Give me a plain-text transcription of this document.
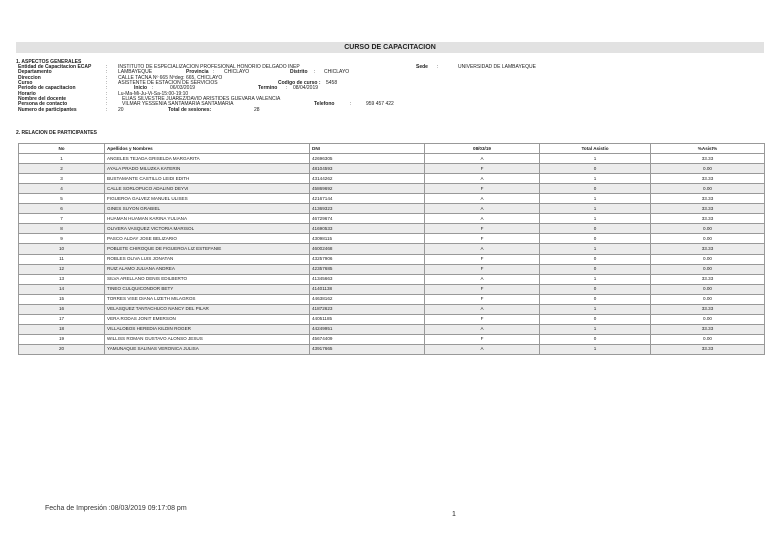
CURSO DE CAPACITACION
1. ASPECTOS GENERALES
Entidad de Capacitacion ECAP	: INSTITUTO DE ESPECIALIZACION PROFESIONAL HONORIO DELGADO INEP	Sede :	UNIVERSIDAD DE LAMBAYEQUE
Departamento	: LAMBAYEQUE	Provincia : CHICLAYO	Distrito : CHICLAYO
Direccion	: CALLE TACNA Nº 665 Nºdeg: 665, CHICLAYO
Curso	: ASISTENTE DE ESTACION DE SERVICIOS	Codigo de curso : 5458
Periodo de capacitacion	:	Inicio :	06/03/2019	Termino : 08/04/2019
Horario	: Lu-Ma-Mi-Ju-Vi-Sa-15:00-19:10
Nombre del docente	:	ELIAS SILVESTRE JUAREZ/DAVID ARISTIDES GUEVARA VALENCIA
Persona de contacto	:	VILMAR YESSENIA SANTAMARIA SANTAMARIA	Telefono	:	959 457 422
Numero de participantes	: 20	Total de sesiones:	28
2. RELACION DE PARTICIPANTES
No	Apellidos y Nombres	DNI	08/03/19	Total Asistio	%Asist%
1	ANGELES TEJADA GRISELDA MARGARITA	42696305	A	1	33.33
2	AYALA PRADO MILUZKA KATERIN	48104593	F	0	0.00
3	BUSTAMANTE CASTILLO LEIDI EDITH	43144262	A	1	33.33
4	CALLE SORLOPUCO ADALINO DEYVI	45869692	F	0	0.00
5	FIGUEROA GALVEZ MANUEL ULISES	42167144	A	1	33.33
6	GINES SUYON GRABIEL	41369323	A	1	33.33
7	HUAMAN HUAMAN KARINA YULIANA	46729674	A	1	33.33
8	OLIVERA VASQUEZ VICTORIA MARISOL	41690533	F	0	0.00
9	PASCO ALDAY JOSE BELIZARIO	43098115	F	0	0.00
10	POBLETE CHIROQUE DE FIGUEROA LIZ ESTEFANIE	46002468	A	1	33.33
11	ROBLES OLIVA LUIS JONATAN	43257906	F	0	0.00
12	RUIZ ALAMO JULIANA ANDREA	42357685	F	0	0.00
13	SILVA ARELLANO DENIS EDILBERTO	41345663	A	1	33.33
14	TINEO CULQUICONDOR BETY	41401138	F	0	0.00
15	TORRES VISE DIANA LIZETH MILAGROS	44638162	F	0	0.00
16	VELASQUEZ TANTACHUCO NANCY DEL PILAR	41872623	A	1	33.33
17	VERA RODAS JONIT EMERSON	44051185	F	0	0.00
18	VILLALOBOS HEREDIA KILDIN ROGER	44249951	A	1	33.33
19	WILLISS ROMAN GUSTAVO ALONSO JESUS	45674409	F	0	0.00
20	YAMUNAQUE SALINAS VERONICA JULISA	43917665	A	1	33.33
Fecha de Impresión :08/03/2019 09:17:08 pm
1
